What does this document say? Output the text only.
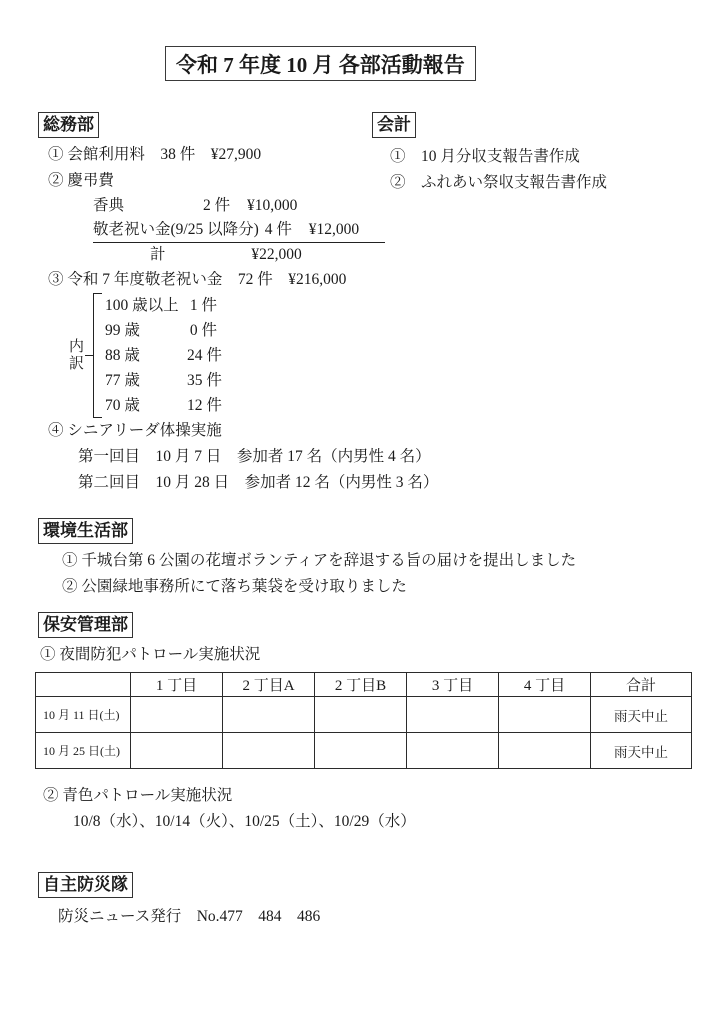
令和 7 年度 10 月 各部活動報告
総務部
① 会館利用料　38 件　¥27,900
② 慶弔費
香典	2 件	¥10,000
敬老祝い金(9/25 以降分) 4 件	¥12,000
計	¥22,000
③ 令和 7 年度敬老祝い金　72 件　¥216,000
内訳
100 歳以上 1 件
99 歳	0 件
88 歳	24 件
77 歳	35 件
70 歳	12 件
④ シニアリーダ体操実施
第一回目　10 月 7 日　参加者 17 名（内男性 4 名）
第二回目　10 月 28 日　参加者 12 名（内男性 3 名）
会計
①　10 月分収支報告書作成
②　ふれあい祭収支報告書作成
環境生活部
① 千城台第 6 公園の花壇ボランティアを辞退する旨の届けを提出しました
② 公園緑地事務所にて落ち葉袋を受け取りました
保安管理部
① 夜間防犯パトロール実施状況
	1 丁目	2 丁目A	2 丁目B	3 丁目	4 丁目	合計
10 月 11 日(土)						雨天中止
10 月 25 日(土)						雨天中止
② 青色パトロール実施状況
10/8（水）、10/14（火）、10/25（土）、10/29（水）
自主防災隊
防災ニュース発行　No.477　484　486
